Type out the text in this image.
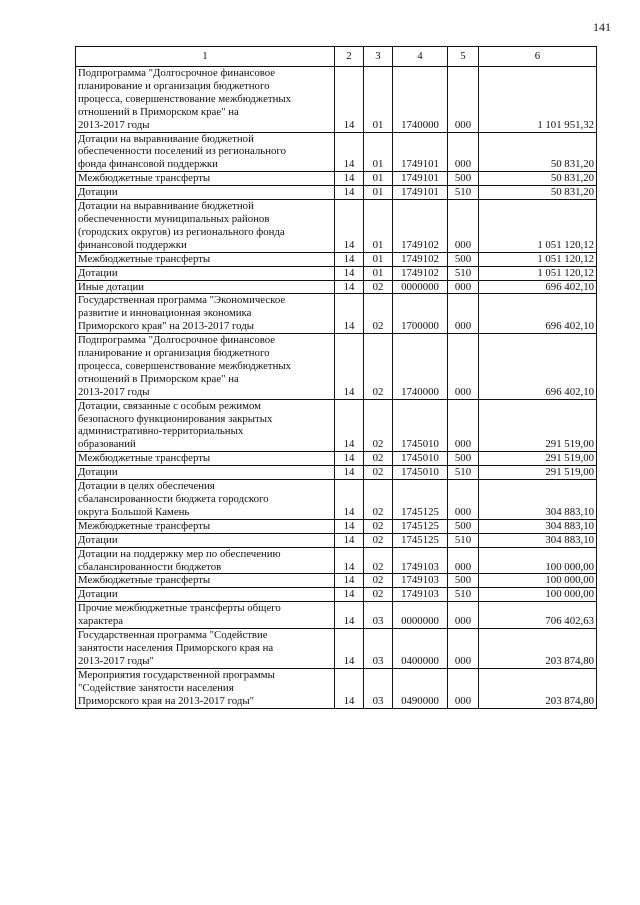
141
1	2	3	4	5	6
Подпрограмма "Долгосрочное финансовое
планирование и организация бюджетного
процесса, совершенствование межбюджетных
отношений в Приморском крае" на
2013-2017 годы	14	01	1740000	000	1 101 951,32
Дотации на выравнивание бюджетной
обеспеченности поселений из регионального
фонда финансовой поддержки	14	01	1749101	000	50 831,20
Межбюджетные трансферты	14	01	1749101	500	50 831,20
Дотации	14	01	1749101	510	50 831,20
Дотации на выравнивание бюджетной
обеспеченности муниципальных районов
(городских округов) из регионального фонда
финансовой поддержки	14	01	1749102	000	1 051 120,12
Межбюджетные трансферты	14	01	1749102	500	1 051 120,12
Дотации	14	01	1749102	510	1 051 120,12
Иные дотации	14	02	0000000	000	696 402,10
Государственная программа "Экономическое
развитие и инновационная экономика
Приморского края" на 2013-2017 годы	14	02	1700000	000	696 402,10
Подпрограмма "Долгосрочное финансовое
планирование и организация бюджетного
процесса, совершенствование межбюджетных
отношений в Приморском крае" на
2013-2017 годы	14	02	1740000	000	696 402,10
Дотации, связанные с особым режимом
безопасного функционирования закрытых
административно-территориальных
образований	14	02	1745010	000	291 519,00
Межбюджетные трансферты	14	02	1745010	500	291 519,00
Дотации	14	02	1745010	510	291 519,00
Дотации в целях обеспечения
сбалансированности бюджета городского
округа Большой Камень	14	02	1745125	000	304 883,10
Межбюджетные трансферты	14	02	1745125	500	304 883,10
Дотации	14	02	1745125	510	304 883,10
Дотации на поддержку мер по обеспечению
сбалансированности бюджетов	14	02	1749103	000	100 000,00
Межбюджетные трансферты	14	02	1749103	500	100 000,00
Дотации	14	02	1749103	510	100 000,00
Прочие межбюджетные трансферты общего
характера	14	03	0000000	000	706 402,63
Государственная программа "Содействие
занятости населения Приморского края на
2013-2017 годы"	14	03	0400000	000	203 874,80
Мероприятия государственной программы
"Содействие занятости населения
Приморского края на 2013-2017 годы"	14	03	0490000	000	203 874,80
